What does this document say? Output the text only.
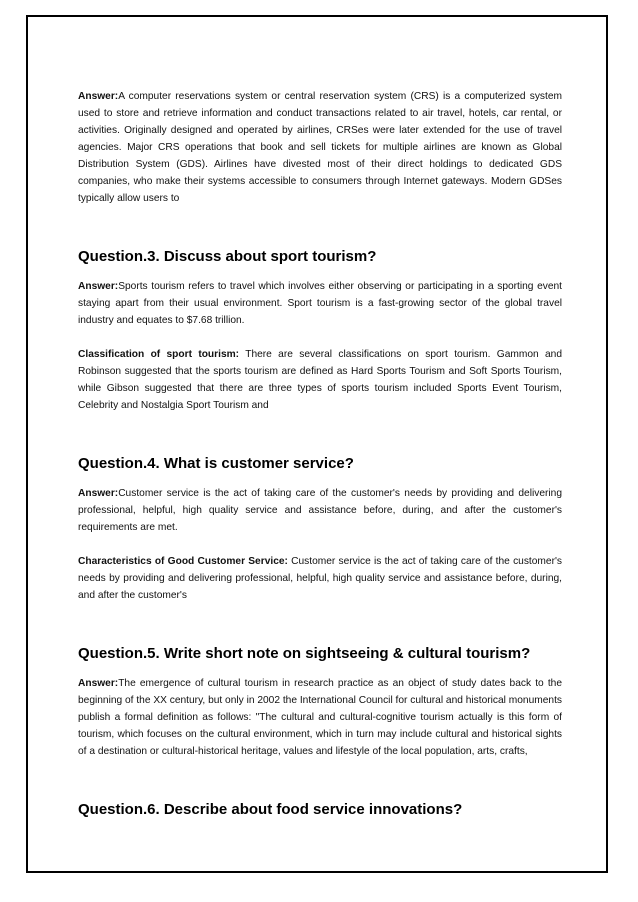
Answer:A computer reservations system or central reservation system (CRS) is a computerized system used to store and retrieve information and conduct transactions related to air travel, hotels, car rental, or activities. Originally designed and operated by airlines, CRSes were later extended for the use of travel agencies. Major CRS operations that book and sell tickets for multiple airlines are known as Global Distribution System (GDS). Airlines have divested most of their direct holdings to dedicated GDS companies, who make their systems accessible to consumers through Internet gateways. Modern GDSes typically allow users to

Question.3. Discuss about sport tourism?

Answer:Sports tourism refers to travel which involves either observing or participating in a sporting event staying apart from their usual environment. Sport tourism is a fast-growing sector of the global travel industry and equates to $7.68 trillion.

Classification of sport tourism: There are several classifications on sport tourism. Gammon and Robinson suggested that the sports tourism are defined as Hard Sports Tourism and Soft Sports Tourism, while Gibson suggested that there are three types of sports tourism included Sports Event Tourism, Celebrity and Nostalgia Sport Tourism and

Question.4. What is customer service?

Answer:Customer service is the act of taking care of the customer's needs by providing and delivering professional, helpful, high quality service and assistance before, during, and after the customer's requirements are met.

Characteristics of Good Customer Service: Customer service is the act of taking care of the customer's needs by providing and delivering professional, helpful, high quality service and assistance before, during, and after the customer's

Question.5. Write short note on sightseeing & cultural tourism?

Answer:The emergence of cultural tourism in research practice as an object of study dates back to the beginning of the XX century, but only in 2002 the International Council for cultural and historical monuments publish a formal definition as follows: "The cultural and cultural-cognitive tourism actually is this form of tourism, which focuses on the cultural environment, which in turn may include cultural and historical sights of a destination or cultural-historical heritage, values and lifestyle of the local population, arts, crafts,

Question.6. Describe about food service innovations?
